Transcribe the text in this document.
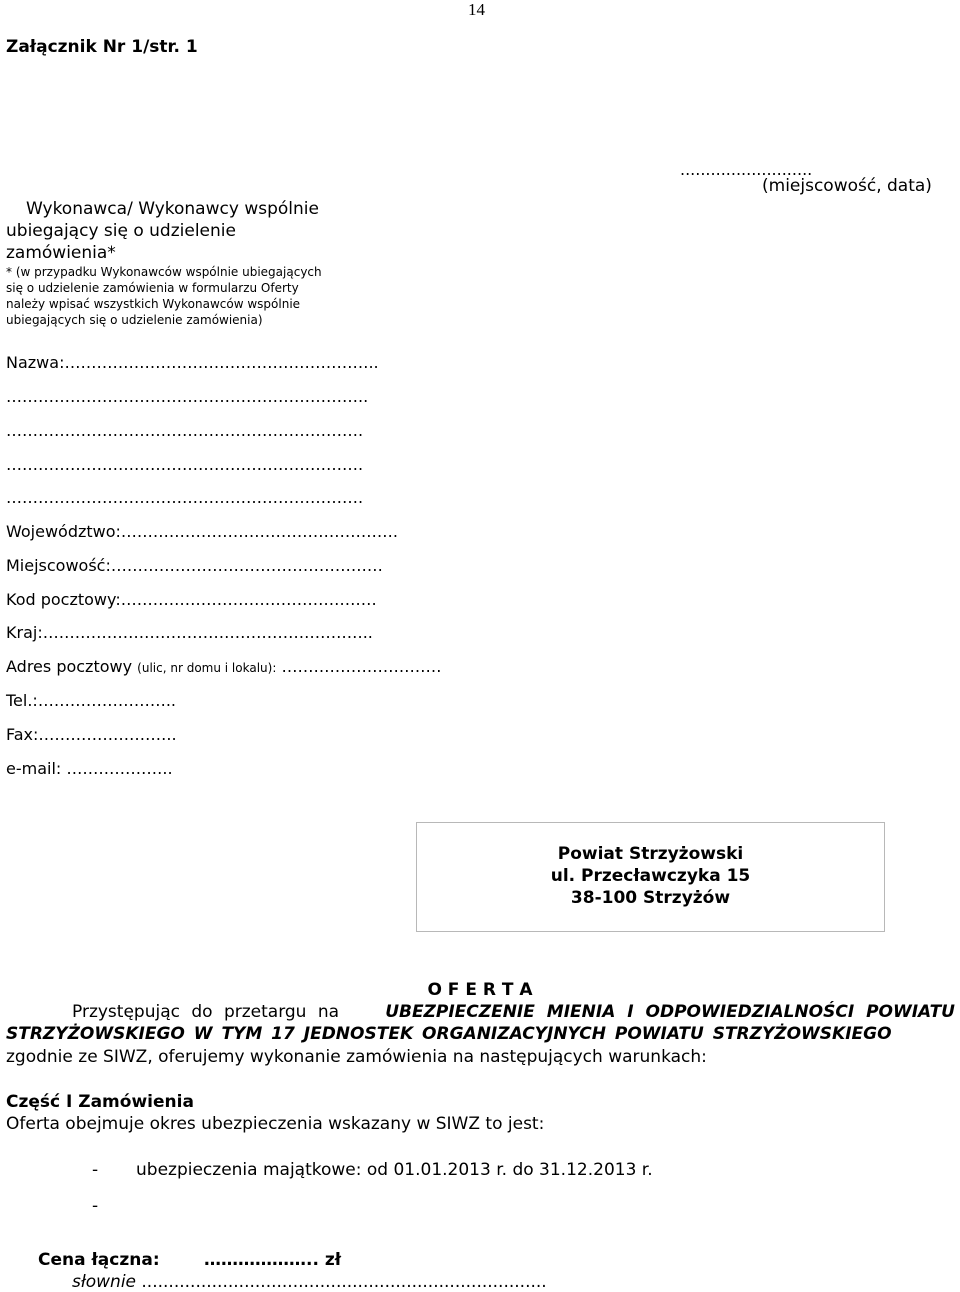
14
Załącznik Nr 1/str. 1
..........................
(miejscowość, data)
Wykonawca/ Wykonawcy wspólnie
ubiegający się o udzielenie
zamówienia*
* (w przypadku Wykonawców wspólnie ubiegających
się o udzielenie zamówienia w formularzu Oferty
należy wpisać wszystkich Wykonawców wspólnie
ubiegających się o udzielenie zamówienia)
Nazwa:…………………………………………………..
…………………………………………………………..
………………………………………………………….
………………………………………………………….
………………………………………………………….
Województwo:…………………………………………….
Miejscowość:……………………………………………
Kod pocztowy:…………………………………………
Kraj:……………………………………………………..
Adres pocztowy (ulic, nr domu i lokalu): …………………………
Tel.:……………………..
Fax:……………………..
e-mail: ………………..
Powiat Strzyżowski
ul. Przecławczyka 15
38-100 Strzyżów
O F E R T A
Przystępując do przetargu na	UBEZPIECZENIE MIENIA I ODPOWIEDZIALNOŚCI POWIATU
STRZYŻOWSKIEGO W TYM 17 JEDNOSTEK ORGANIZACYJNYCH POWIATU STRZYŻOWSKIEGO
zgodnie ze SIWZ, oferujemy wykonanie zamówienia na następujących warunkach:
Część I Zamówienia
Oferta obejmuje okres ubezpieczenia wskazany w SIWZ to jest:
- ubezpieczenia majątkowe: od 01.01.2013 r. do 31.12.2013 r.
-
Cena łączna:	……………….. zł
słownie ...........................................................................
